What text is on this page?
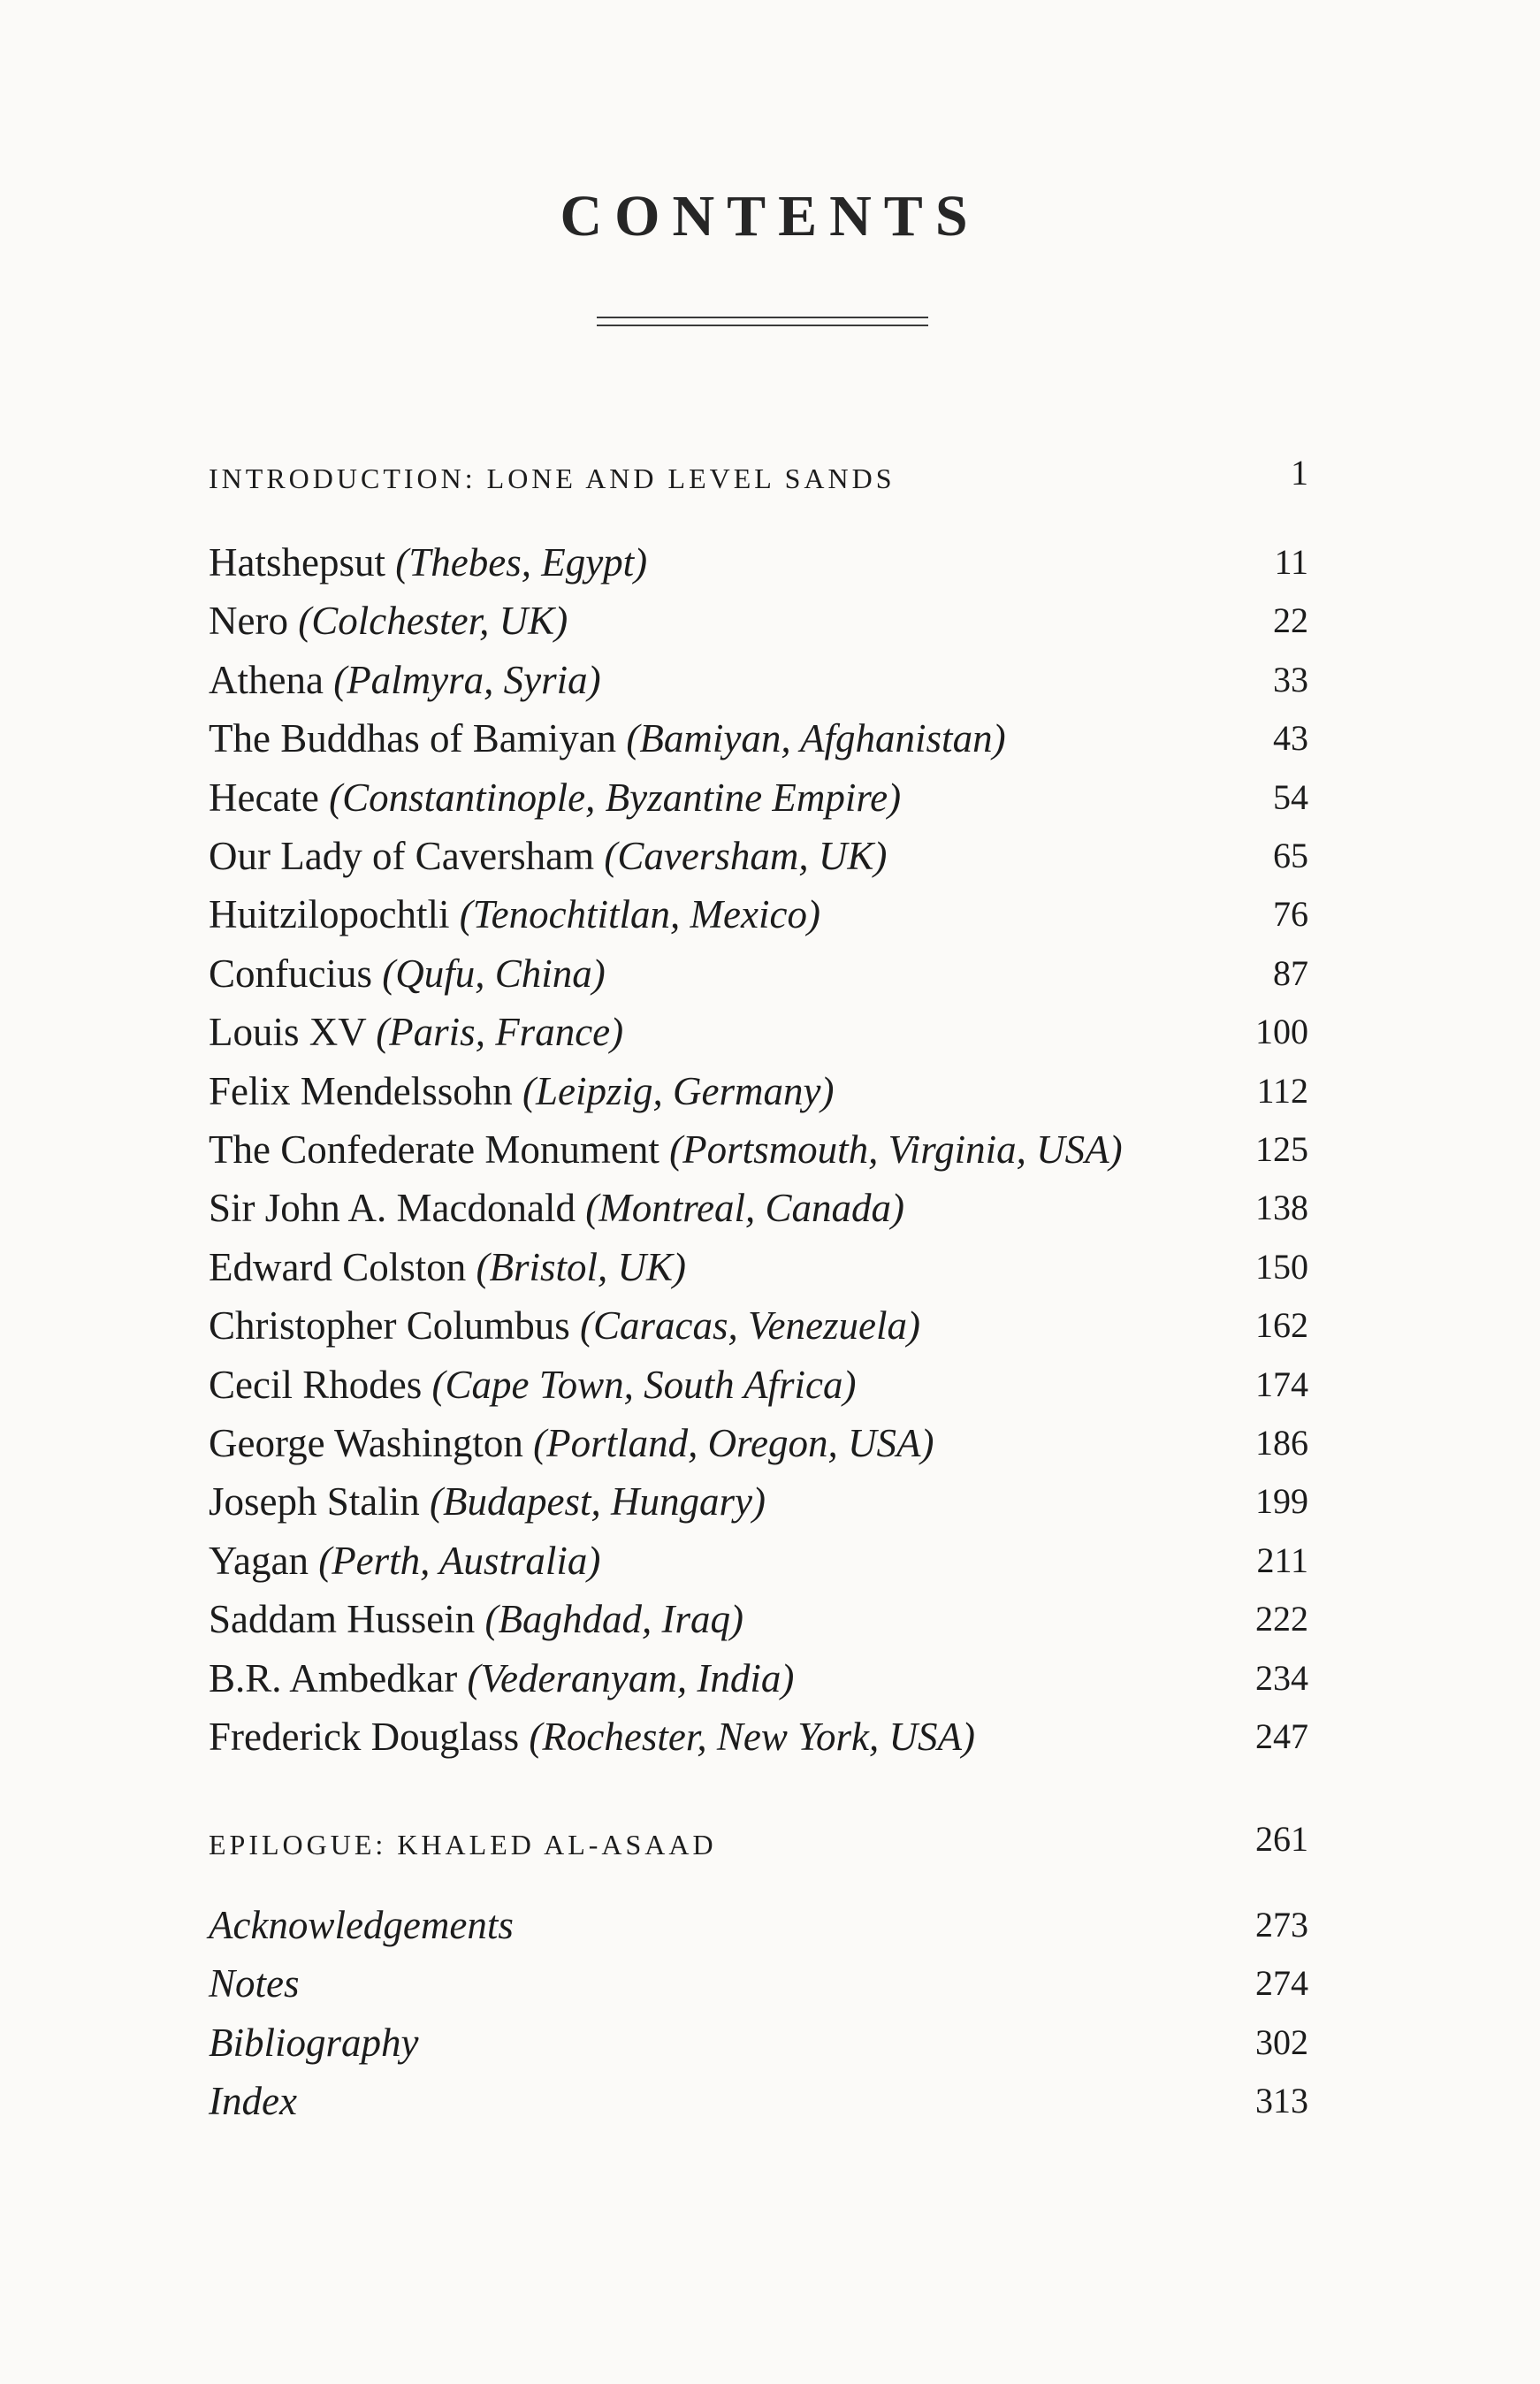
CONTENTS
INTRODUCTION: LONE AND LEVEL SANDS	1
Hatshepsut (Thebes, Egypt)	11
Nero (Colchester, UK)	22
Athena (Palmyra, Syria)	33
The Buddhas of Bamiyan (Bamiyan, Afghanistan)	43
Hecate (Constantinople, Byzantine Empire)	54
Our Lady of Caversham (Caversham, UK)	65
Huitzilopochtli (Tenochtitlan, Mexico)	76
Confucius (Qufu, China)	87
Louis XV (Paris, France)	100
Felix Mendelssohn (Leipzig, Germany)	112
The Confederate Monument (Portsmouth, Virginia, USA)	125
Sir John A. Macdonald (Montreal, Canada)	138
Edward Colston (Bristol, UK)	150
Christopher Columbus (Caracas, Venezuela)	162
Cecil Rhodes (Cape Town, South Africa)	174
George Washington (Portland, Oregon, USA)	186
Joseph Stalin (Budapest, Hungary)	199
Yagan (Perth, Australia)	211
Saddam Hussein (Baghdad, Iraq)	222
B.R. Ambedkar (Vederanyam, India)	234
Frederick Douglass (Rochester, New York, USA)	247
EPILOGUE: KHALED AL-ASAAD	261
Acknowledgements	273
Notes	274
Bibliography	302
Index	313
